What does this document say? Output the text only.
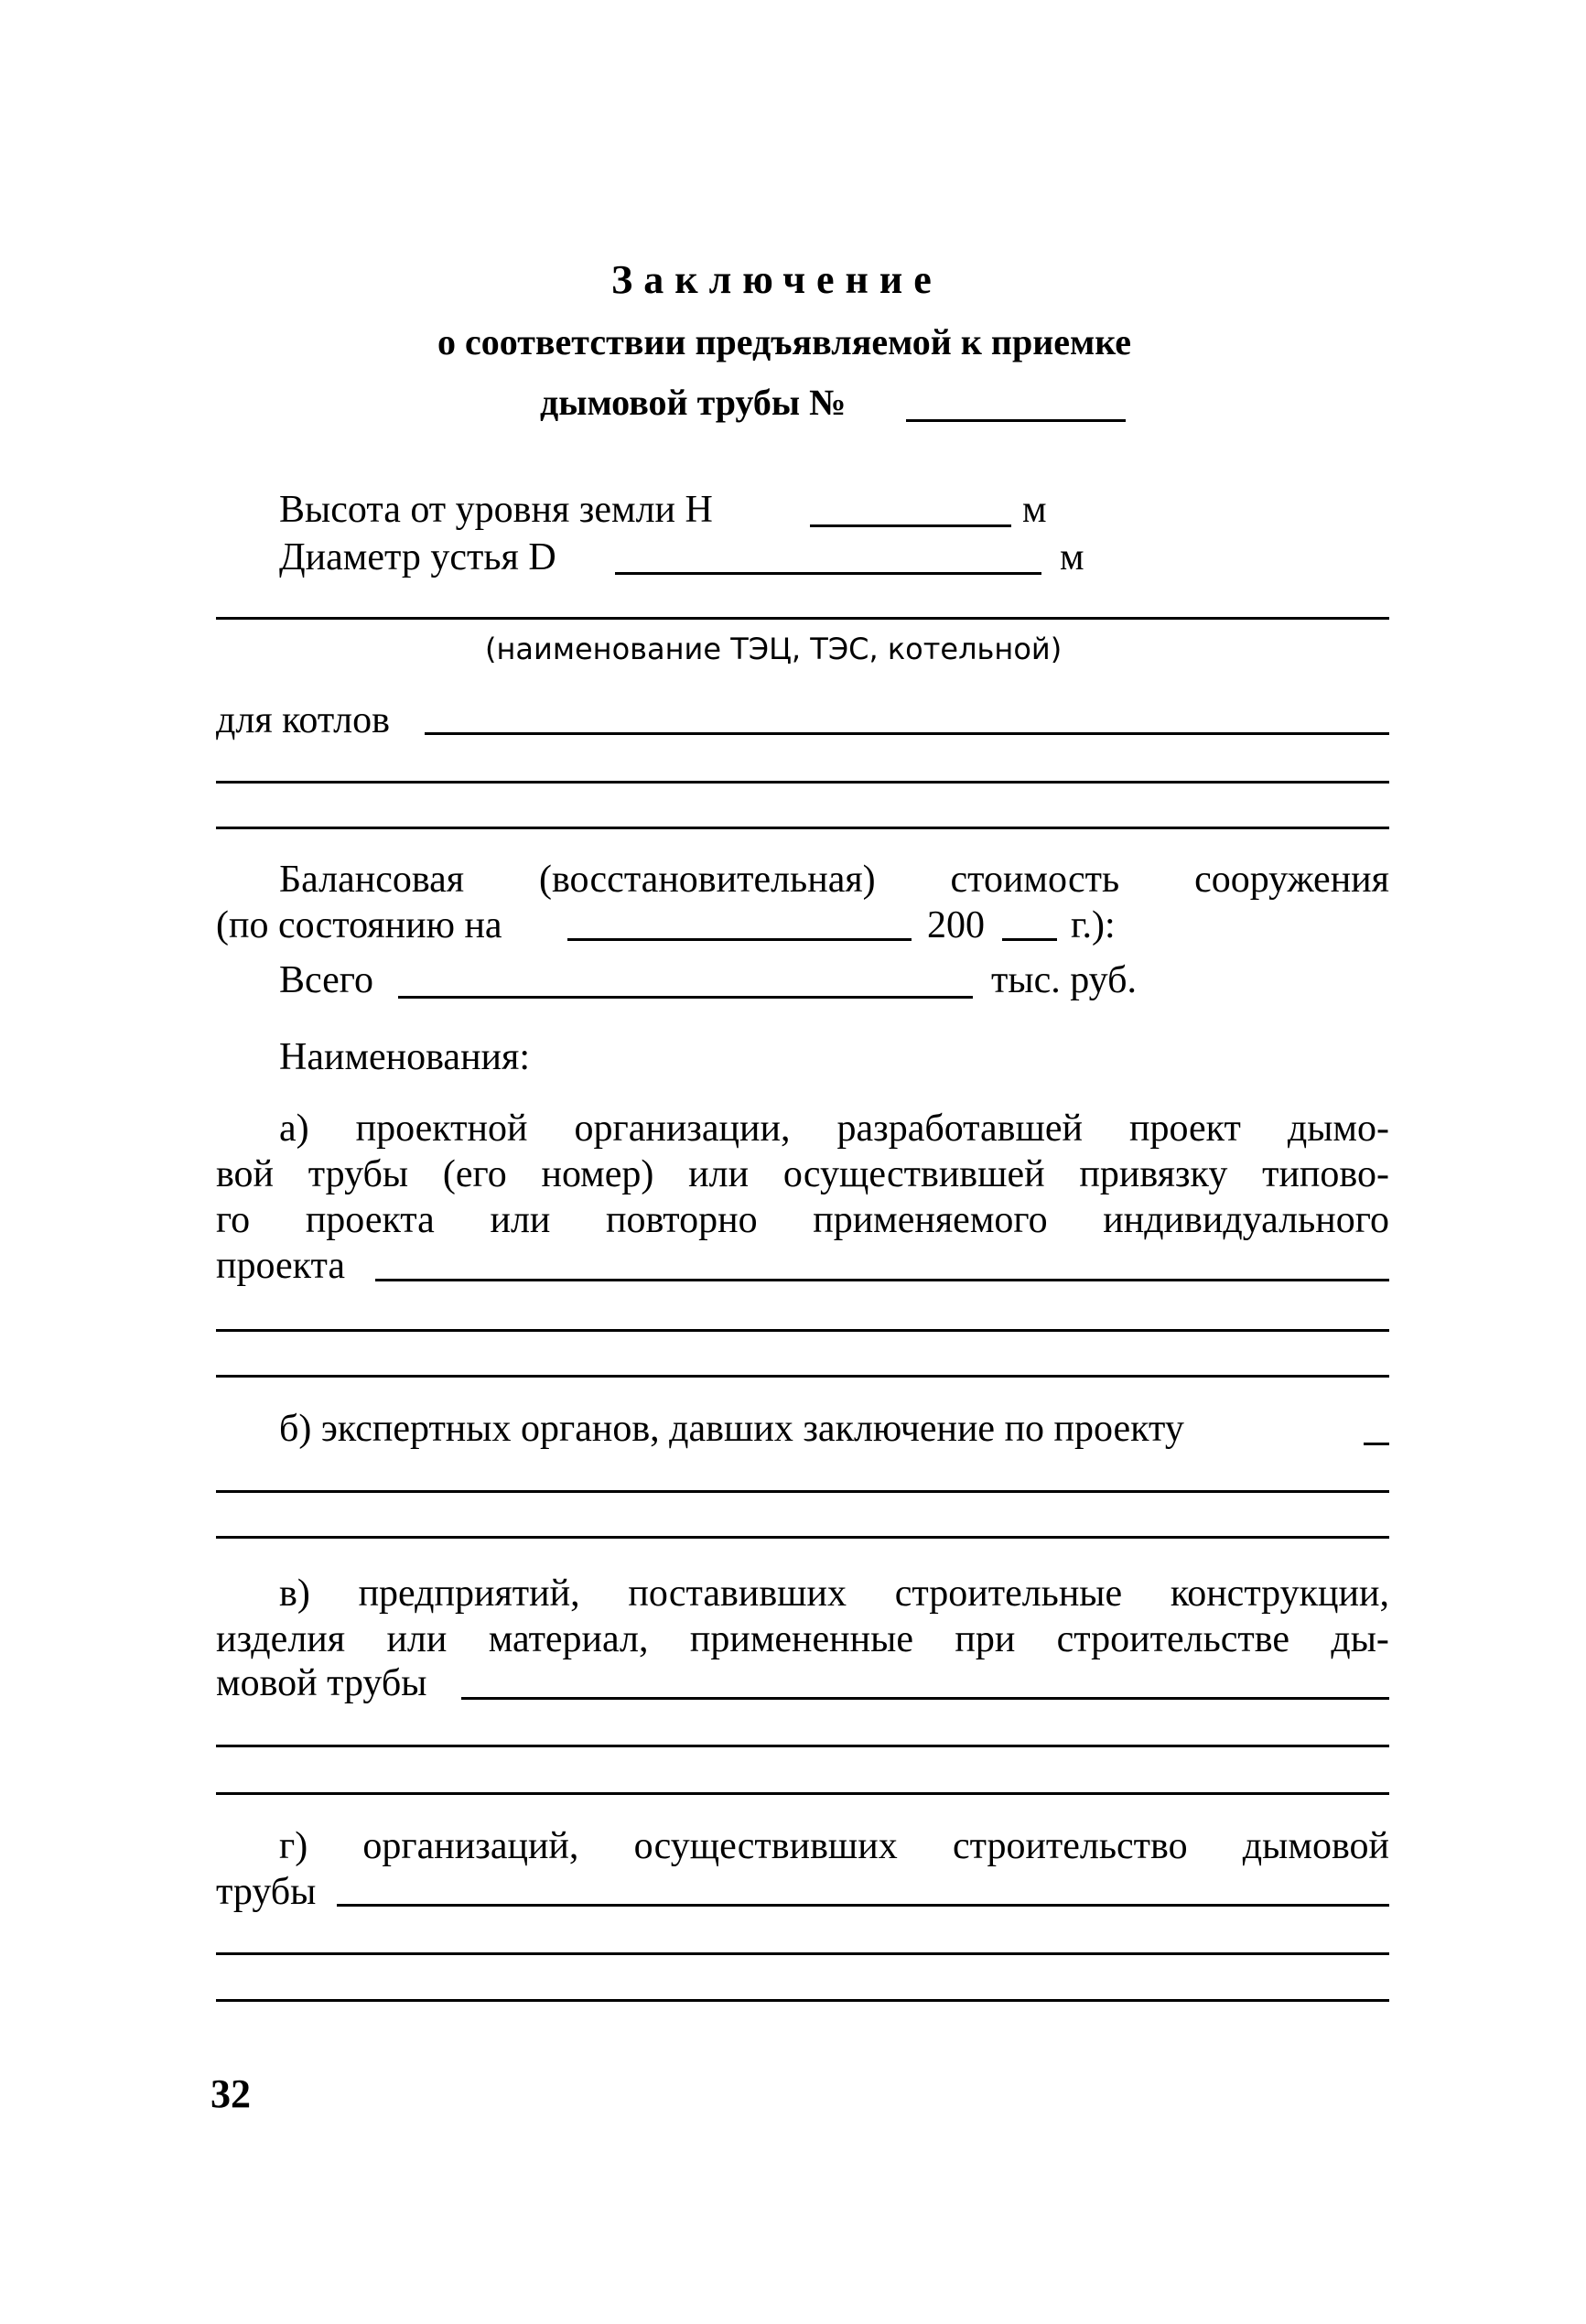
Заключение
о соответствии предъявляемой к приемке
дымовой трубы №
Высота от уровня земли H	м
Диаметр устья D	м
(наименование ТЭЦ, ТЭС, котельной)
для котлов
Балансовая (восстановительная) стоимость сооружения
(по состоянию на	200 г.):
Всего	тыс. руб.
Наименования:
а) проектной организации, разработавшей проект дымо-
вой трубы (его номер) или осуществившей привязку типово-
го проекта или повторно применяемого индивидуального
проекта
б) экспертных органов, давших заключение по проекту
в) предприятий, поставивших строительные конструкции,
изделия или материал, примененные при строительстве ды-
мовой трубы
г) организаций, осуществивших строительство дымовой
трубы
32
